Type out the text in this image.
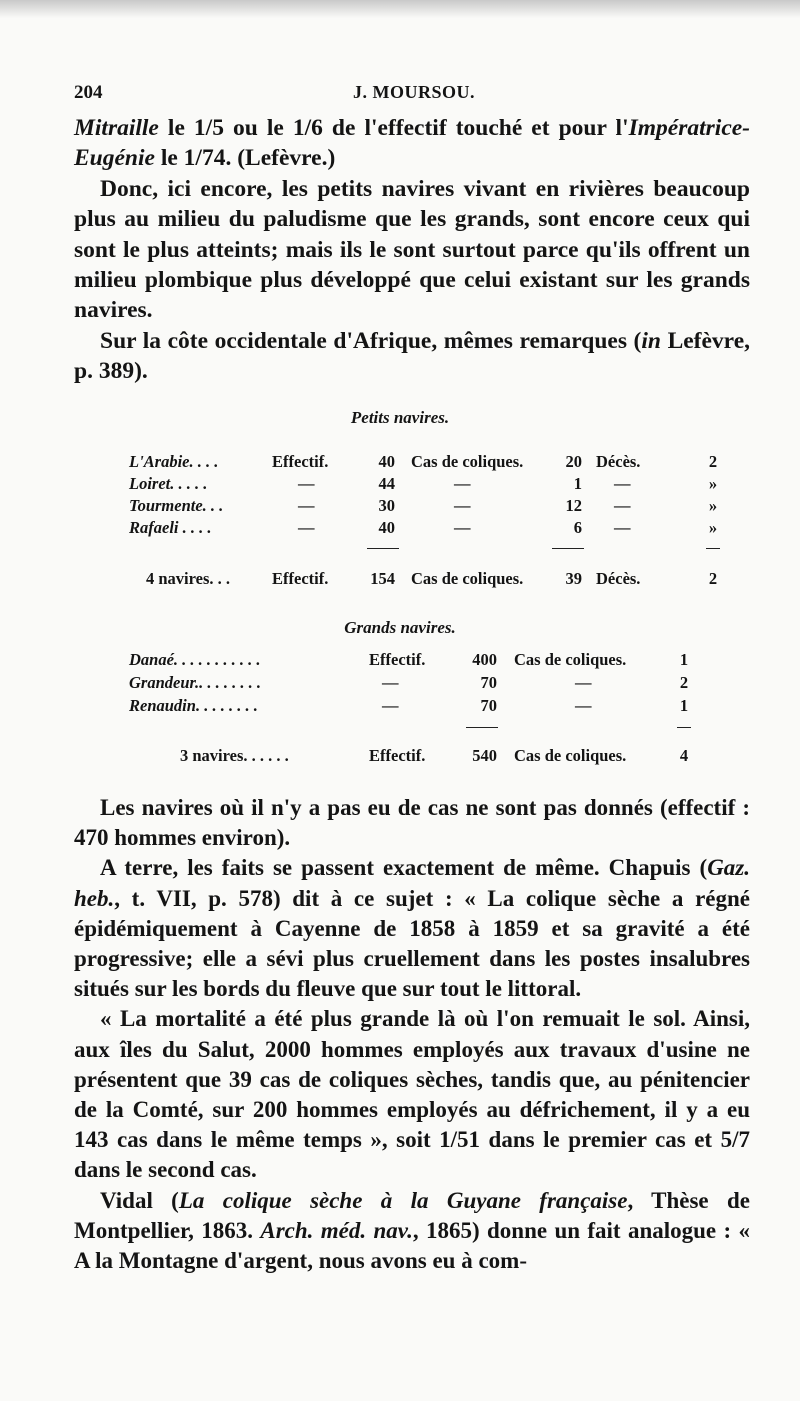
204	J. MOURSOU.

Mitraille le 1/5 ou le 1/6 de l'effectif touché et pour l'Impératrice-Eugénie le 1/74. (Lefèvre.)

Donc, ici encore, les petits navires vivant en rivières beaucoup plus au milieu du paludisme que les grands, sont encore ceux qui sont le plus atteints; mais ils le sont surtout parce qu'ils offrent un milieu plombique plus développé que celui existant sur les grands navires.

Sur la côte occidentale d'Afrique, mêmes remarques (in Lefèvre, p. 389).

Petits navires.
L'Arabie. . . .	Effectif.	40 Cas de coliques.	20 Décès.	2
Loiret. . . . .	—	44	—	1 —	»
Tourmente. . .	—	30	—	12 —	»
Rafaeli . . . .	—	40	—	6 —	»
4 navires. . .	Effectif.	154 Cas de coliques.	39 Décès.	2
Grands navires.
Danaé. . . . . . . . . . .	Effectif.	400 Cas de coliques.	1
Grandeur.. . . . . . . .	—	70	—	2
Renaudin. . . . . . . .	—	70	—	1
3 navires. . . . . .	Effectif.	540 Cas de coliques.	4

Les navires où il n'y a pas eu de cas ne sont pas donnés (effectif : 470 hommes environ).

A terre, les faits se passent exactement de même. Chapuis (Gaz. heb., t. VII, p. 578) dit à ce sujet : « La colique sèche a régné épidémiquement à Cayenne de 1858 à 1859 et sa gravité a été progressive; elle a sévi plus cruellement dans les postes insalubres situés sur les bords du fleuve que sur tout le littoral.

« La mortalité a été plus grande là où l'on remuait le sol. Ainsi, aux îles du Salut, 2000 hommes employés aux travaux d'usine ne présentent que 39 cas de coliques sèches, tandis que, au pénitencier de la Comté, sur 200 hommes employés au défrichement, il y a eu 143 cas dans le même temps », soit 1/51 dans le premier cas et 5/7 dans le second cas.

Vidal (La colique sèche à la Guyane française, Thèse de Montpellier, 1863. Arch. méd. nav., 1865) donne un fait analogue : « A la Montagne d'argent, nous avons eu à com-
